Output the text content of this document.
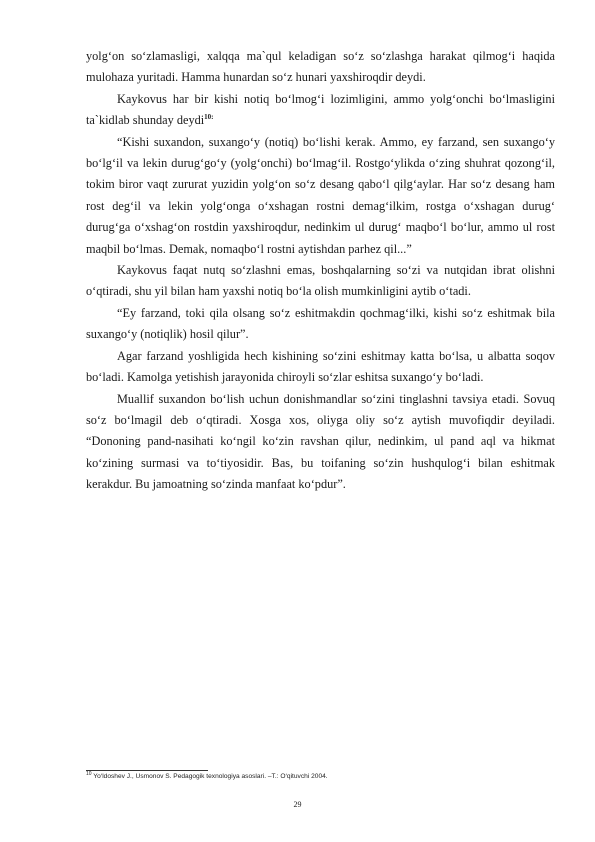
yolg‘on so‘zlamasligi, xalqqa ma`qul keladigan so‘z so‘zlashga harakat qilmog‘i haqida mulohaza yuritadi. Hamma hunardan so‘z hunari yaxshiroqdir deydi.

Kaykovus har bir kishi notiq bo‘lmog‘i lozimligini, ammo yolg‘onchi bo‘lmasligini ta`kidlab shunday deydi$^{10:}$

“Kishi suxandon, suxango‘y (notiq) bo‘lishi kerak. Ammo, ey farzand, sen suxango‘y bo‘lg‘il va lekin durug‘go‘y (yolg‘onchi) bo‘lmag‘il. Rostgo‘ylikda o‘zing shuhrat qozong‘il, tokim biror vaqt zururat yuzidin yolg‘on so‘z desang qabo‘l qilg‘aylar. Har so‘z desang ham rost deg‘il va lekin yolg‘onga o‘xshagan rostni demag‘ilkim, rostga o‘xshagan durug‘ durug‘ga o‘xshag‘on rostdin yaxshiroqdur, nedinkim ul durug‘ maqbo‘l bo‘lur, ammo ul rost maqbil bo‘lmas. Demak, nomaqbo‘l rostni aytishdan parhez qil...”

Kaykovus faqat nutq so‘zlashni emas, boshqalarning so‘zi va nutqidan ibrat olishni o‘qtiradi, shu yil bilan ham yaxshi notiq bo‘la olish mumkinligini aytib o‘tadi.

“Ey farzand, toki qila olsang so‘z eshitmakdin qochmag‘ilki, kishi so‘z eshitmak bila suxango‘y (notiqlik) hosil qilur”.

Agar farzand yoshligida hech kishining so‘zini eshitmay katta bo‘lsa, u albatta soqov bo‘ladi. Kamolga yetishish jarayonida chiroyli so‘zlar eshitsa suxango‘y bo‘ladi.

Muallif suxandon bo‘lish uchun donishmandlar so‘zini tinglashni tavsiya etadi. Sovuq so‘z bo‘lmagil deb o‘qtiradi. Xosga xos, oliyga oliy so‘z aytish muvofiqdir deyiladi. “Dononing pand-nasihati ko‘ngil ko‘zin ravshan qilur, nedinkim, ul pand aql va hikmat ko‘zining surmasi va to‘tiyosidir. Bas, bu toifaning so‘zin hushqulog‘i bilan eshitmak kerakdur. Bu jamoatning so‘zinda manfaat ko‘pdur”.

$^{10}$ Yo‘ldoshev J., Usmonov S. Pedagogik texnologiya asoslari. –T.: O‘qituvchi 2004.
29
